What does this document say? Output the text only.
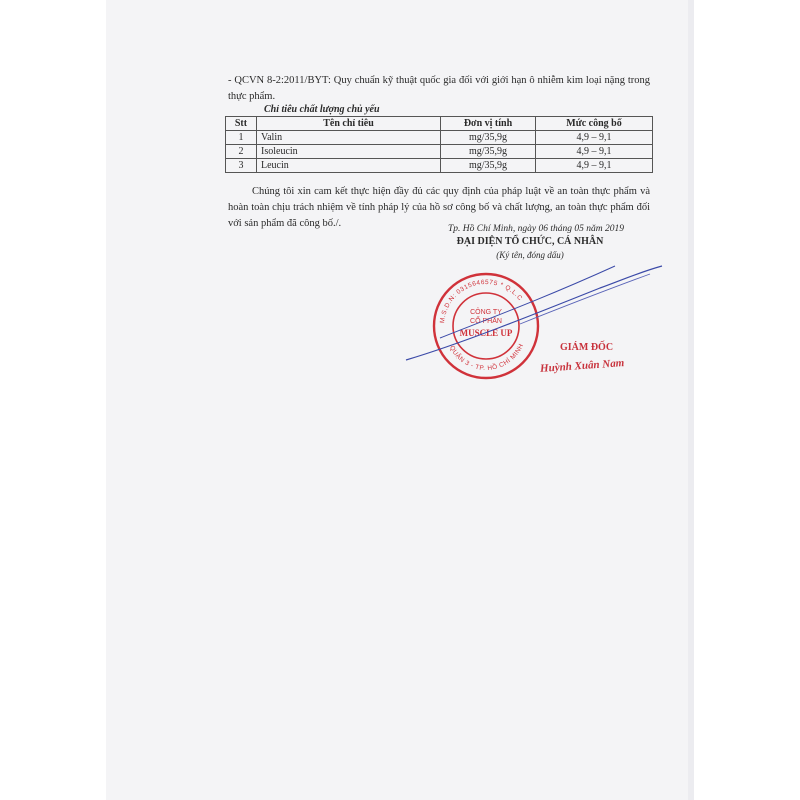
- QCVN 8-2:2011/BYT: Quy chuẩn kỹ thuật quốc gia đối với giới hạn ô nhiễm kim loại nặng trong thực phẩm.
Chỉ tiêu chất lượng chủ yếu
Stt	Tên chỉ tiêu	Đơn vị tính	Mức công bố
1	Valin	mg/35,9g	4,9 – 9,1
2	Isoleucin	mg/35,9g	4,9 – 9,1
3	Leucin	mg/35,9g	4,9 – 9,1
Chúng tôi xin cam kết thực hiện đầy đủ các quy định của pháp luật về an toàn thực phẩm và hoàn toàn chịu trách nhiệm về tính pháp lý của hồ sơ công bố và chất lượng, an toàn thực phẩm đối với sản phẩm đã công bố./.	Tp. Hồ Chí Minh, ngày 06 tháng 05 năm 2019
ĐẠI DIỆN TỔ CHỨC, CÁ NHÂN
(Ký tên, đóng dấu)
M.S.D.N: 0315646575 * Q.L.C
QUẬN 3 - TP. HỒ CHÍ MINH
CÔNG TY
CỔ PHẦN
MUSCLE UP
GIÁM ĐỐC
Huỳnh Xuân Nam
